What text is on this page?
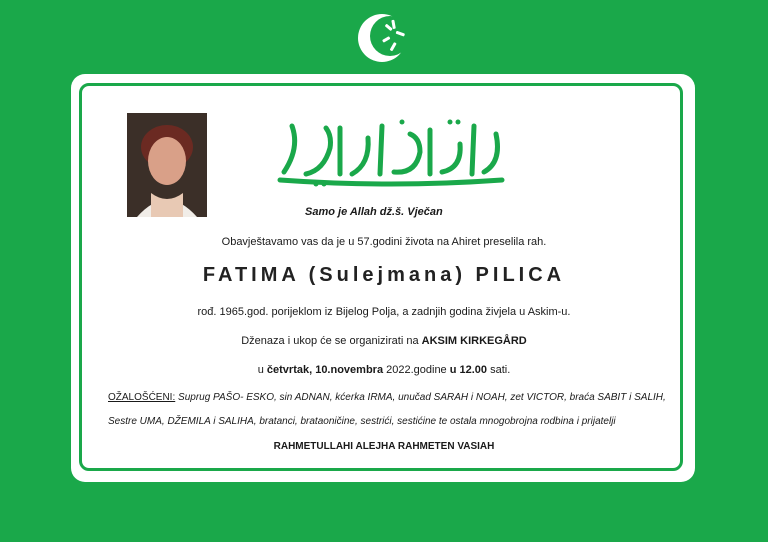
Samo je Allah dž.š. Vječan
Obavještavamo vas da je u 57.godini života na Ahiret preselila rah.
FATIMA (Sulejmana) PILICA
rođ. 1965.god. porijeklom iz Bijelog Polja, a zadnjih godina živjela u Askim-u.
Dženaza i ukop će se organizirati na AKSIM KIRKEGÅRD
u četvrtak, 10.novembra 2022.godine u 12.00 sati.
OŽALOŠĆENI: Suprug PAŠO- ESKO, sin ADNAN, kćerka IRMA, unučad SARAH i NOAH, zet VICTOR, braća SABIT i SALIH,
Sestre UMA, DŽEMILA i SALIHA, bratanci, brataoničine, sestrići, sestićine te ostala mnogobrojna rodbina i prijatelji
RAHMETULLAHI ALEJHA RAHMETEN VASIAH
